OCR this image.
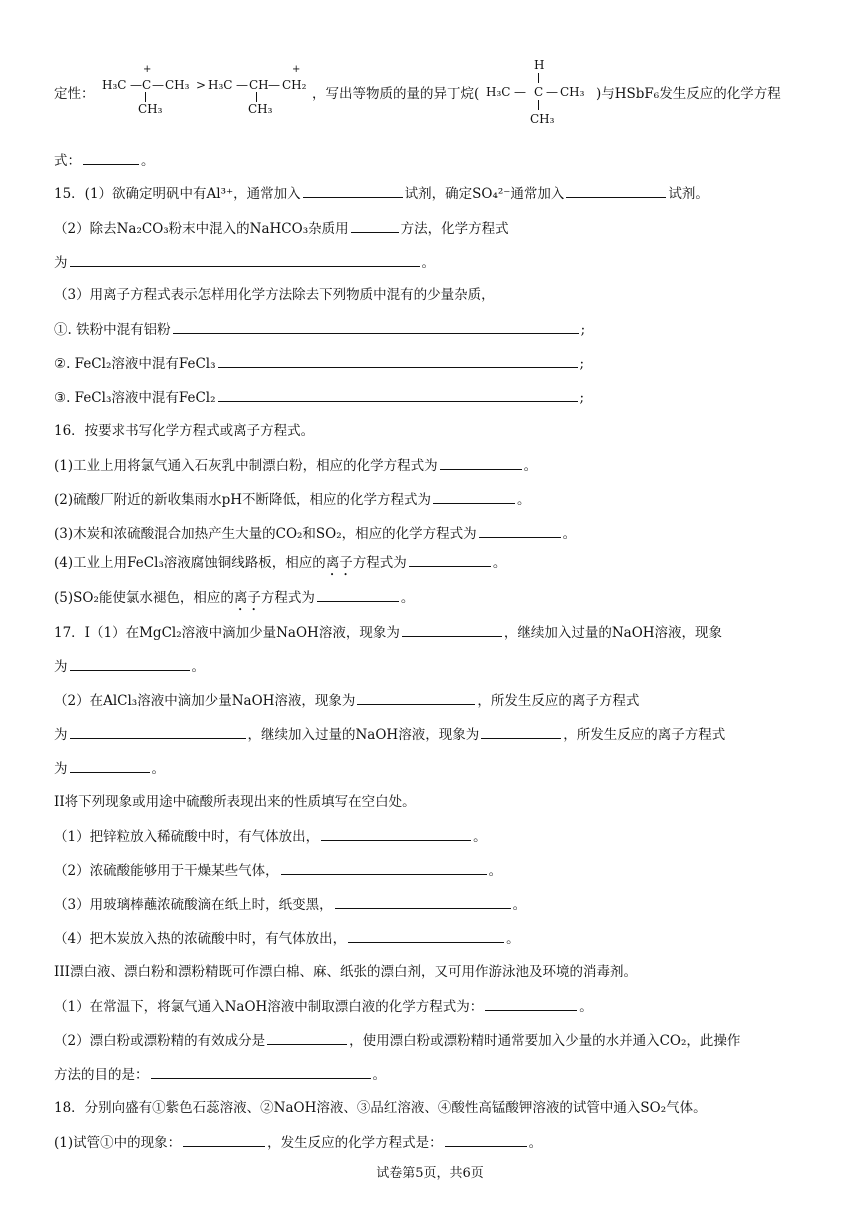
定性：
+
H₃C — C — CH₃
CH₃
>
+
H₃C — CH — CH₂
CH₃
，写出等物质的量的异丁烷(
H
H₃C — C — CH₃
CH₃
)与HSbF₆发生反应的化学方程
式：	。
15．(1）欲确定明矾中有Al³⁺，通常加入	试剂，确定SO₄²⁻通常加入	试剂。
（2）除去Na₂CO₃粉末中混入的NaHCO₃杂质用	方法，化学方程式
为	。
（3）用离子方程式表示怎样用化学方法除去下列物质中混有的少量杂质，
①. 铁粉中混有铝粉	;
②. FeCl₂溶液中混有FeCl₃	;
③. FeCl₃溶液中混有FeCl₂	;
16．按要求书写化学方程式或离子方程式。
(1)工业上用将氯气通入石灰乳中制漂白粉，相应的化学方程式为	。
(2)硫酸厂附近的新收集雨水pH不断降低，相应的化学方程式为	。
(3)木炭和浓硫酸混合加热产生大量的CO₂和SO₂，相应的化学方程式为	。
(4)工业上用FeCl₃溶液腐蚀铜线路板，相应的离子方程式为	。
(5)SO₂能使氯水褪色，相应的离子方程式为	。
17．I（1）在MgCl₂溶液中滴加少量NaOH溶液，现象为	，继续加入过量的NaOH溶液，现象
为	。
（2）在AlCl₃溶液中滴加少量NaOH溶液，现象为	，所发生反应的离子方程式
为	，继续加入过量的NaOH溶液，现象为	，所发生反应的离子方程式
为	。
II将下列现象或用途中硫酸所表现出来的性质填写在空白处。
（1）把锌粒放入稀硫酸中时，有气体放出，	。
（2）浓硫酸能够用于干燥某些气体，	。
（3）用玻璃棒蘸浓硫酸滴在纸上时，纸变黑，	。
（4）把木炭放入热的浓硫酸中时，有气体放出，	。
III漂白液、漂白粉和漂粉精既可作漂白棉、麻、纸张的漂白剂，又可用作游泳池及环境的消毒剂。
（1）在常温下，将氯气通入NaOH溶液中制取漂白液的化学方程式为：	。
（2）漂白粉或漂粉精的有效成分是	，使用漂白粉或漂粉精时通常要加入少量的水并通入CO₂，此操作
方法的目的是：	。
18．分别向盛有①紫色石蕊溶液、②NaOH溶液、③品红溶液、④酸性高锰酸钾溶液的试管中通入SO₂气体。
(1)试管①中的现象：	，发生反应的化学方程式是：	。
试卷第5页，共6页
